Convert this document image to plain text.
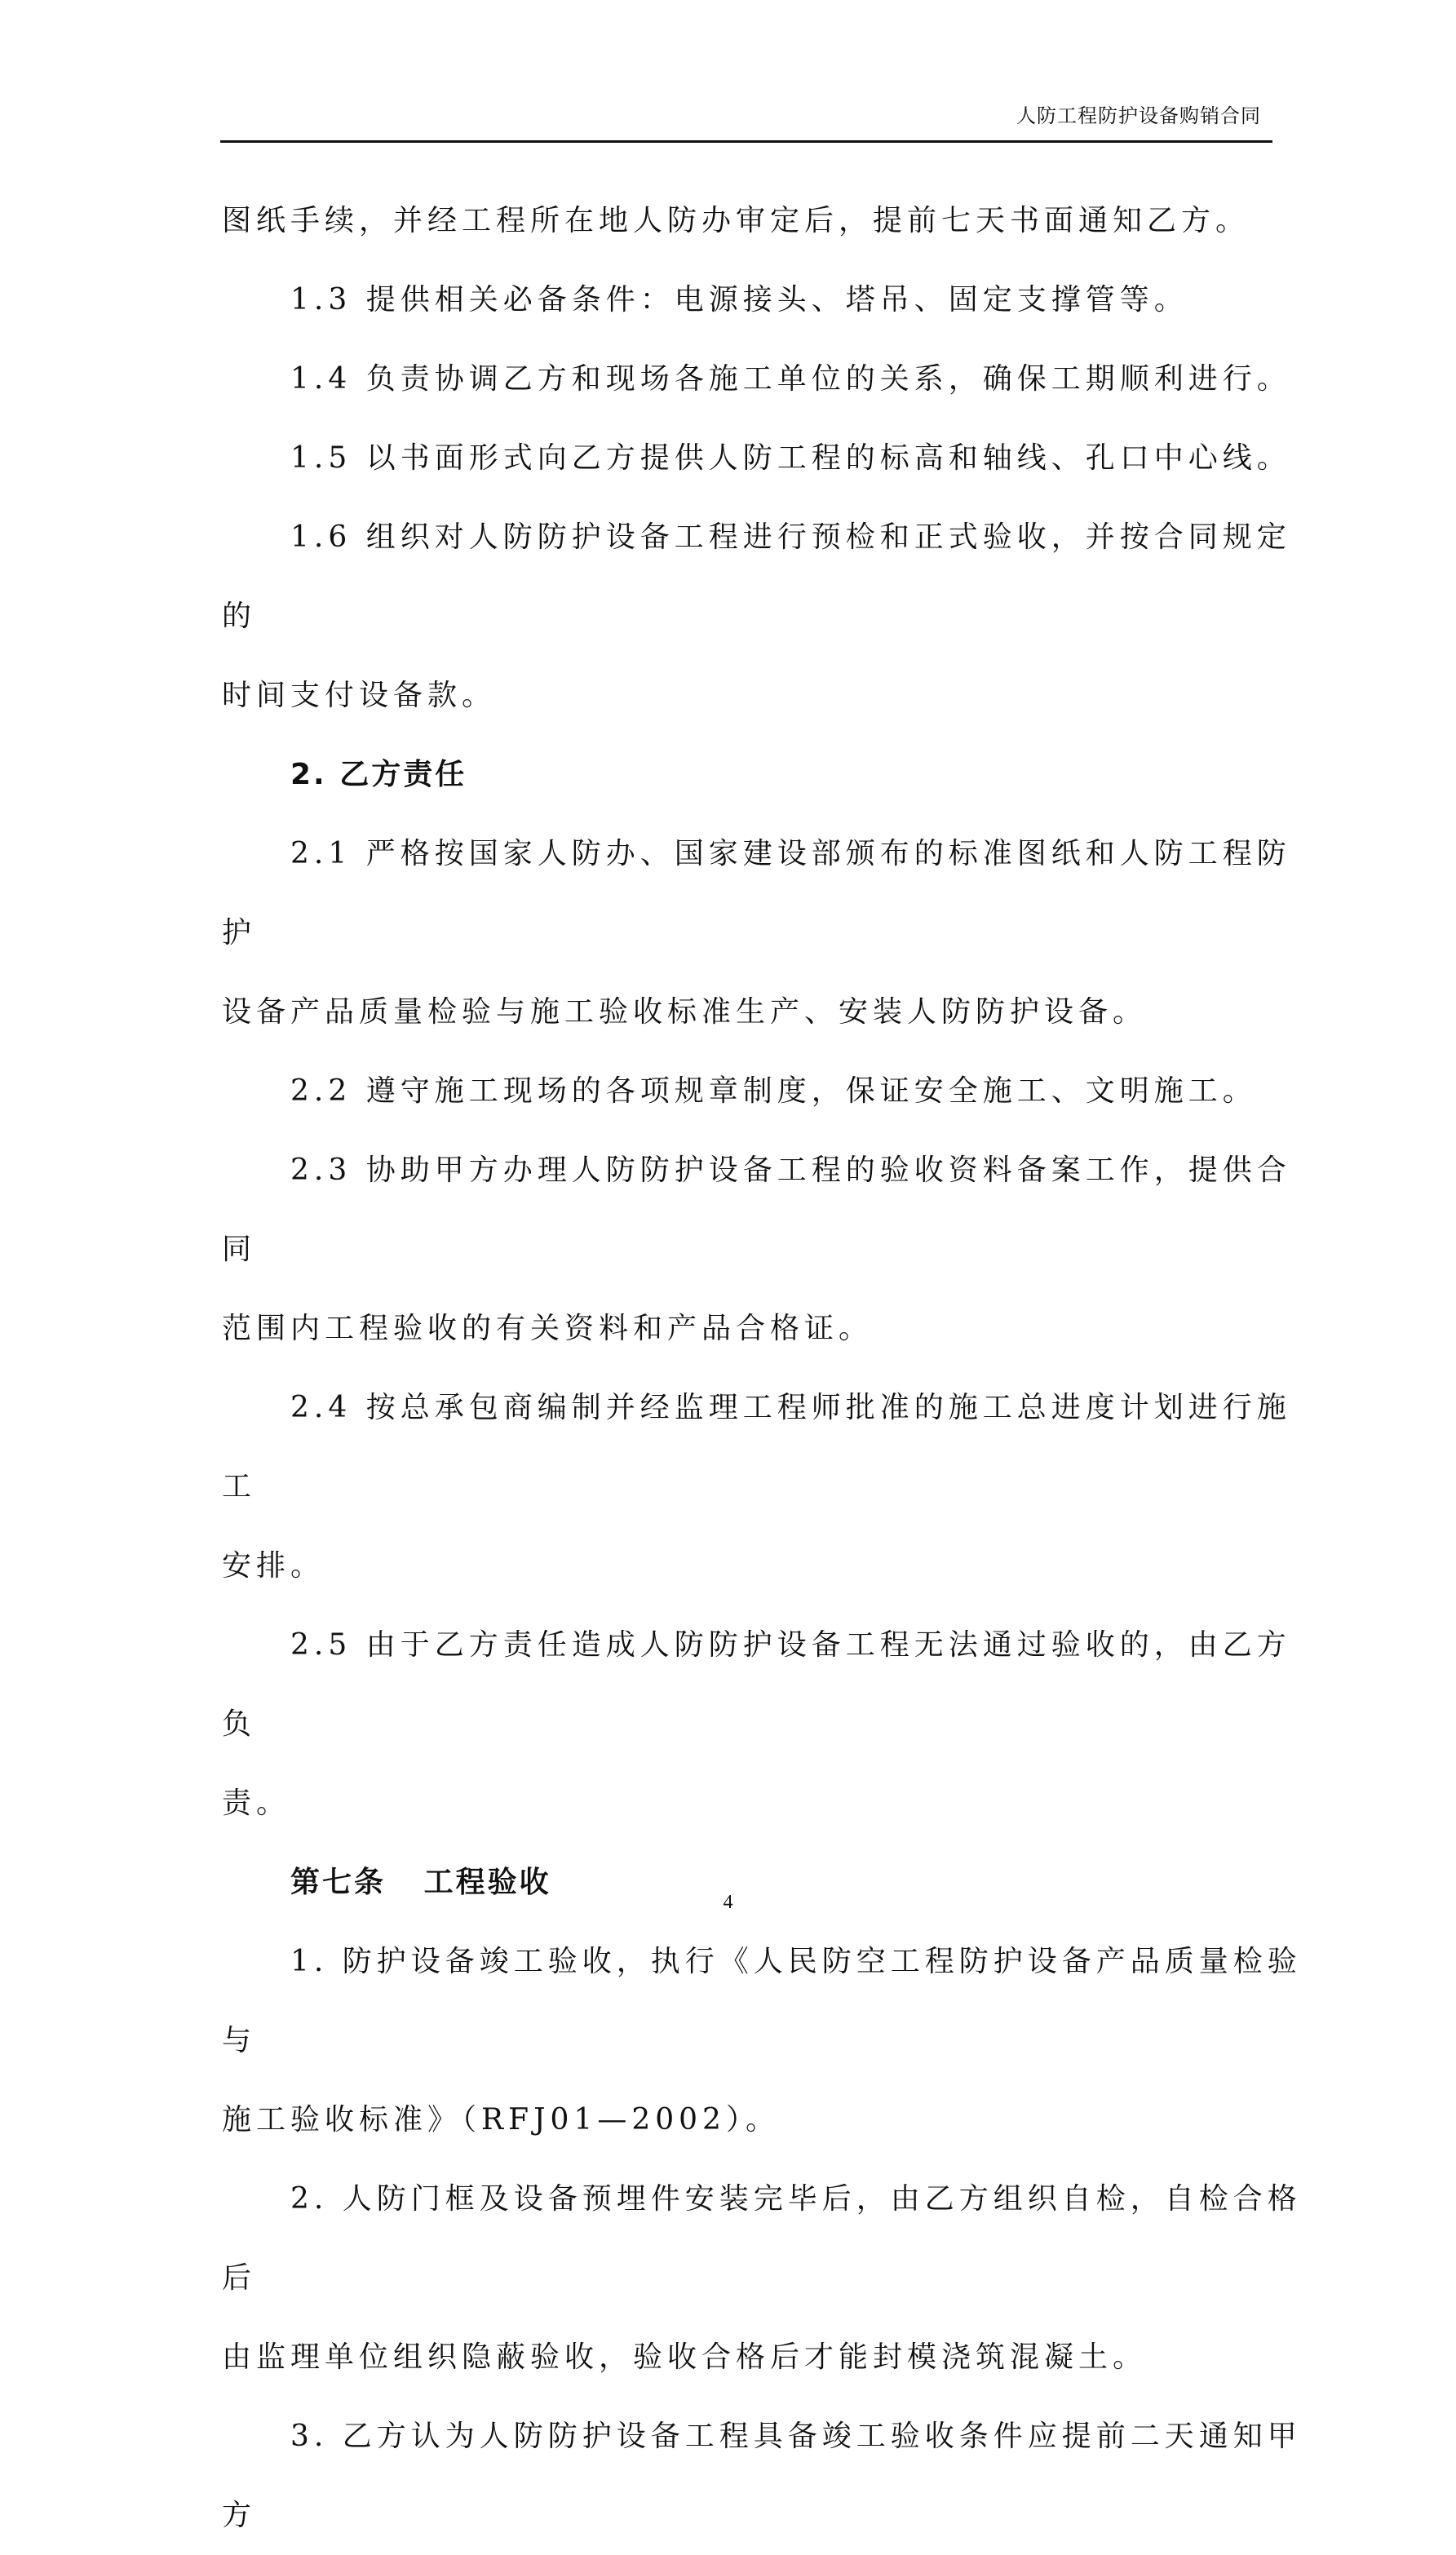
人防工程防护设备购销合同

图纸手续，并经工程所在地人防办审定后，提前七天书面通知乙方。

1.3 提供相关必备条件：电源接头、塔吊、固定支撑管等。

1.4 负责协调乙方和现场各施工单位的关系，确保工期顺利进行。

1.5 以书面形式向乙方提供人防工程的标高和轴线、孔口中心线。

1.6 组织对人防防护设备工程进行预检和正式验收，并按合同规定的

时间支付设备款。

2. 乙方责任

2.1 严格按国家人防办、国家建设部颁布的标准图纸和人防工程防护

设备产品质量检验与施工验收标准生产、安装人防防护设备。

2.2 遵守施工现场的各项规章制度，保证安全施工、文明施工。

2.3 协助甲方办理人防防护设备工程的验收资料备案工作，提供合同

范围内工程验收的有关资料和产品合格证。

2.4 按总承包商编制并经监理工程师批准的施工总进度计划进行施工

安排。

2.5 由于乙方责任造成人防防护设备工程无法通过验收的，由乙方负

责。

第七条   工程验收

1. 防护设备竣工验收，执行《人民防空工程防护设备产品质量检验与

施工验收标准》（RFJ01—2002）。

2. 人防门框及设备预埋件安装完毕后，由乙方组织自检，自检合格后

由监理单位组织隐蔽验收，验收合格后才能封模浇筑混凝土。

3. 乙方认为人防防护设备工程具备竣工验收条件应提前二天通知甲方

4
